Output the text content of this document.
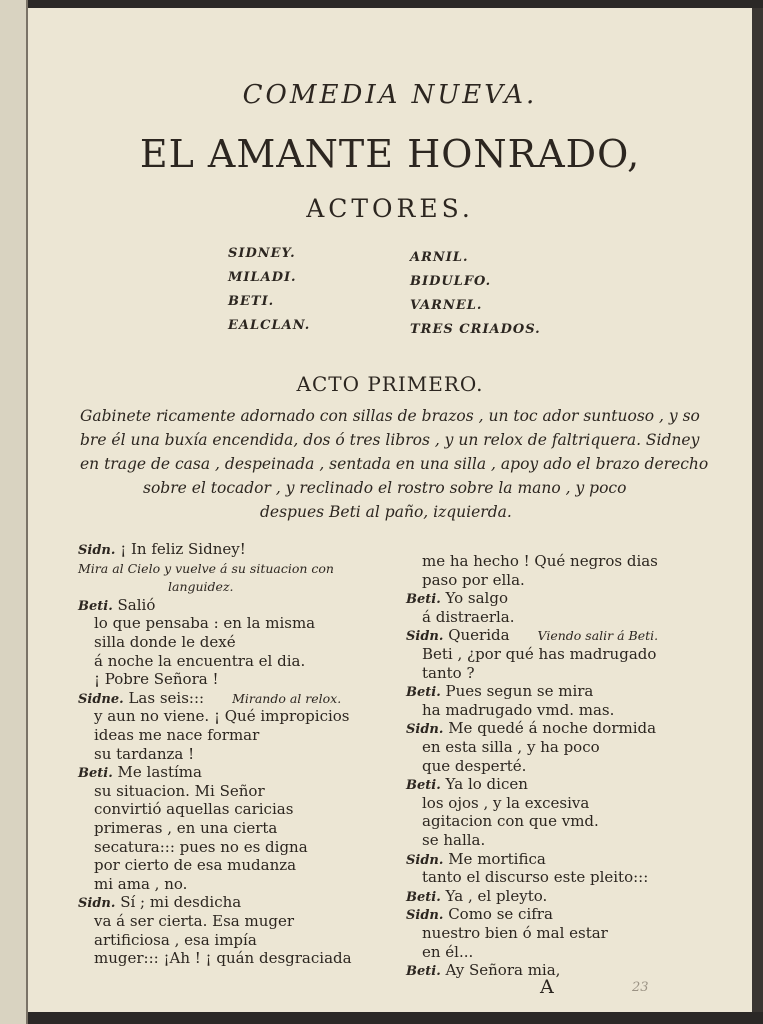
COMEDIA NUEVA.
EL AMANTE HONRADO,
ACTORES.
SIDNEY.
MILADI.
BETI.
EALCLAN.
ARNIL.
BIDULFO.
VARNEL.
TRES CRIADOS.
ACTO PRIMERO.
Gabinete ricamente adornado con sillas de brazos , un toc ador suntuoso , y so
bre él una buxía encendida, dos ó tres libros , y un relox de faltriquera. Sidney
en trage de casa , despeinada , sentada en una silla , apoy ado el brazo derecho
sobre el tocador , y reclinado el rostro sobre la mano , y poco
despues Beti al paño, izquierda.
Sidn. ¡ In feliz Sidney!
Mira al Cielo y vuelve á su situacion con
languidez.
Beti. Salió
lo que pensaba : en la misma
silla donde le dexé
á noche la encuentra el dia.
¡ Pobre Señora !
Sidne. Las seis::: Mirando al relox.
y aun no viene. ¡ Qué impropicios
ideas me nace formar
su tardanza !
Beti. Me lastíma
su situacion. Mi Señor
convirtió aquellas caricias
primeras , en una cierta
secatura::: pues no es digna
por cierto de esa mudanza
mi ama , no.
Sidn. Sí ; mi desdicha
va á ser cierta. Esa muger
artificiosa , esa impía
muger::: ¡Ah ! ¡ quán desgraciada
me ha hecho ! Qué negros dias
paso por ella.
Beti. Yo salgo
á distraerla.
Sidn. Querida Viendo salir á Beti.
Beti , ¿por qué has madrugado
tanto ?
Beti. Pues segun se mira
ha madrugado vmd. mas.
Sidn. Me quedé á noche dormida
en esta silla , y ha poco
que desperté.
Beti. Ya lo dicen
los ojos , y la excesiva
agitacion con que vmd.
se halla.
Sidn. Me mortifica
tanto el discurso este pleito:::
Beti. Ya , el pleyto.
Sidn. Como se cifra
nuestro bien ó mal estar
en él...
Beti. Ay Señora mia,
A	23
